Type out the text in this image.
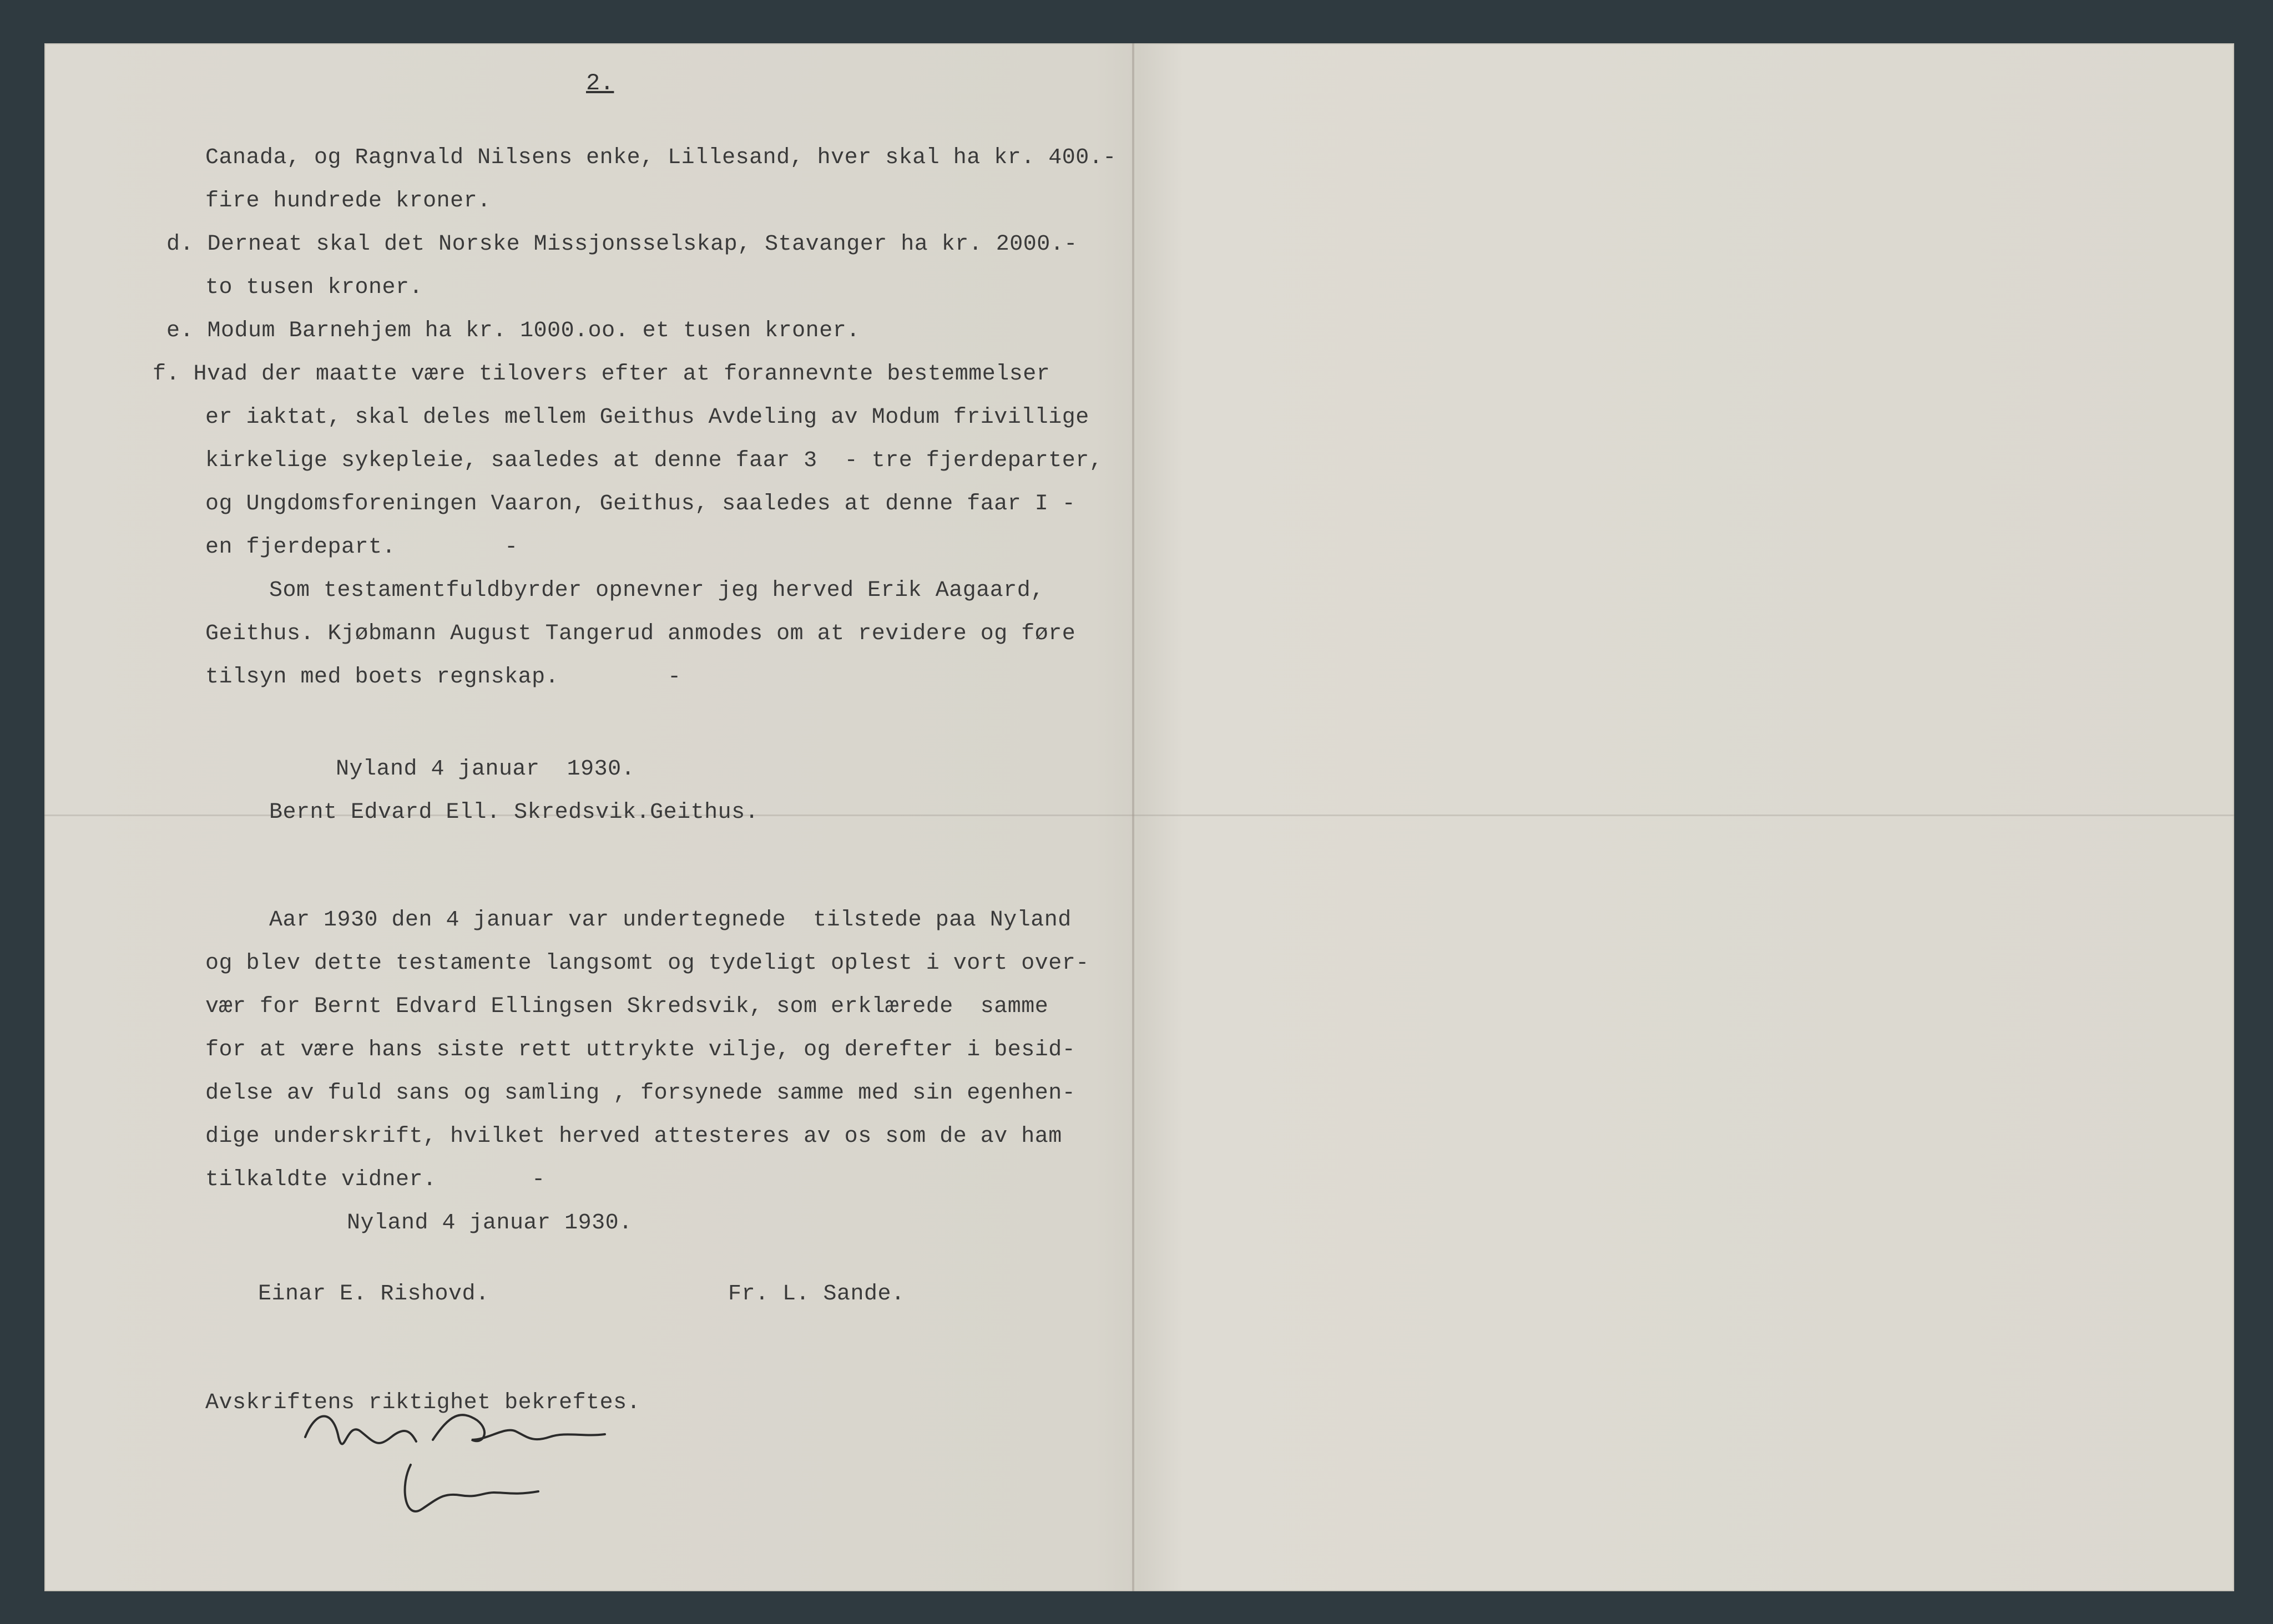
2.
Canada, og Ragnvald Nilsens enke, Lillesand, hver skal ha kr. 400.-
fire hundrede kroner.
d. Derneat skal det Norske Missjonsselskap, Stavanger ha kr. 2000.-
to tusen kroner.
e. Modum Barnehjem ha kr. 1000.oo. et tusen kroner.
f. Hvad der maatte være tilovers efter at forannevnte bestemmelser
er iaktat, skal deles mellem Geithus Avdeling av Modum frivillige
kirkelige sykepleie, saaledes at denne faar 3  - tre fjerdeparter,
og Ungdomsforeningen Vaaron, Geithus, saaledes at denne faar I -
en fjerdepart.        -
Som testamentfuldbyrder opnevner jeg herved Erik Aagaard,
Geithus. Kjøbmann August Tangerud anmodes om at revidere og føre
tilsyn med boets regnskap.        -
Nyland 4 januar  1930.
Bernt Edvard Ell. Skredsvik.Geithus.
Aar 1930 den 4 januar var undertegnede  tilstede paa Nyland
og blev dette testamente langsomt og tydeligt oplest i vort over-
vær for Bernt Edvard Ellingsen Skredsvik, som erklærede  samme
for at være hans siste rett uttrykte vilje, og derefter i besid-
delse av fuld sans og samling , forsynede samme med sin egenhen-
dige underskrift, hvilket herved attesteres av os som de av ham
tilkaldte vidner.       -
Nyland 4 januar 1930.
Einar E. Rishovd.	Fr. L. Sande.
Avskriftens riktighet bekreftes.
